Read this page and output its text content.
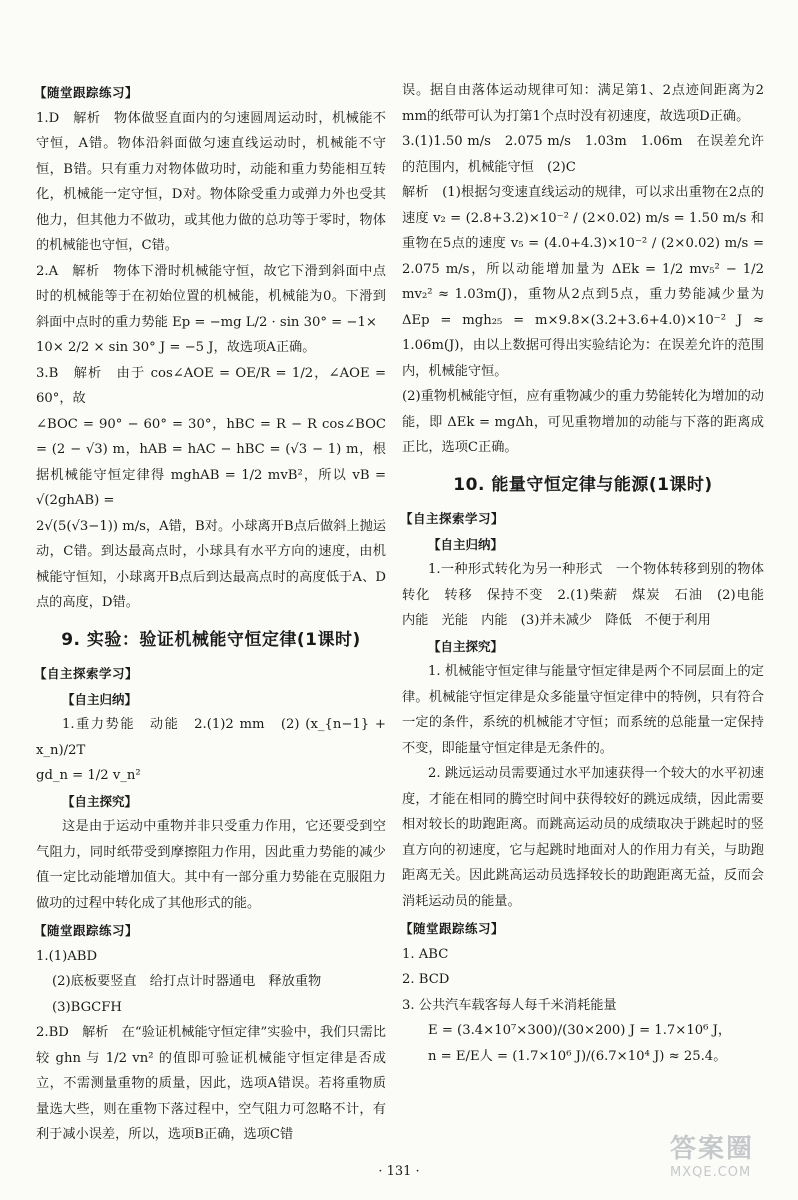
【随堂跟踪练习】
1.D　解析　物体做竖直面内的匀速圆周运动时，机械能不守恒，A错。物体沿斜面做匀速直线运动时，机械能不守恒，B错。只有重力对物体做功时，动能和重力势能相互转化，机械能一定守恒，D对。物体除受重力或弹力外也受其他力，但其他力不做功，或其他力做的总功等于零时，物体的机械能也守恒，C错。
2.A　解析　物体下滑时机械能守恒，故它下滑到斜面中点时的机械能等于在初始位置的机械能，机械能为0。下滑到斜面中点时的重力势能 Ep = −mg L/2 · sin 30° = −1×
10× 2/2 × sin 30° J = −5 J，故选项A正确。
3.B　解析　由于 cos∠AOE = OE/R = 1/2，∠AOE = 60°，故
∠BOC = 90° − 60° = 30°，hBC = R − R cos∠BOC = (2 − √3) m，hAB = hAC − hBC = (√3 − 1) m，根据机械能守恒定律得 mghAB = 1/2 mvB²，所以 vB = √(2ghAB) =
2√(5(√3−1)) m/s，A错，B对。小球离开B点后做斜上抛运动，C错。到达最高点时，小球具有水平方向的速度，由机械能守恒知，小球离开B点后到达最高点时的高度低于A、D点的高度，D错。
9. 实验：验证机械能守恒定律(1课时)
【自主探索学习】
【自主归纳】
1.重力势能　动能　2.(1)2 mm　(2) (x_{n−1} + x_n)/2T
gd_n = 1/2 v_n²
【自主探究】
这是由于运动中重物并非只受重力作用，它还要受到空气阻力，同时纸带受到摩擦阻力作用，因此重力势能的减少值一定比动能增加值大。其中有一部分重力势能在克服阻力做功的过程中转化成了其他形式的能。
【随堂跟踪练习】
1.(1)ABD
(2)底板要竖直　给打点计时器通电　释放重物
(3)BGCFH
2.BD　解析　在“验证机械能守恒定律”实验中，我们只需比较 ghn 与 1/2 vn² 的值即可验证机械能守恒定律是否成立，不需测量重物的质量，因此，选项A错误。若将重物质量选大些，则在重物下落过程中，空气阻力可忽略不计，有利于减小误差，所以，选项B正确，选项C错
误。据自由落体运动规律可知：满足第1、2点迹间距离为2 mm的纸带可认为打第1个点时没有初速度，故选项D正确。
3.(1)1.50 m/s　2.075 m/s　1.03m　1.06m　在误差允许的范围内，机械能守恒　(2)C
解析　(1)根据匀变速直线运动的规律，可以求出重物在2点的速度 v₂ = (2.8+3.2)×10⁻² / (2×0.02) m/s = 1.50 m/s 和重物在5点的速度 v₅ = (4.0+4.3)×10⁻² / (2×0.02) m/s = 2.075 m/s，所以动能增加量为 ΔEk = 1/2 mv₅² − 1/2 mv₂² ≈ 1.03m(J)，重物从2点到5点，重力势能减少量为 ΔEp = mgh₂₅ = m×9.8×(3.2+3.6+4.0)×10⁻² J ≈ 1.06m(J)，由以上数据可得出实验结论为：在误差允许的范围内，机械能守恒。
(2)重物机械能守恒，应有重物减少的重力势能转化为增加的动能，即 ΔEk = mgΔh，可见重物增加的动能与下落的距离成正比，选项C正确。
10. 能量守恒定律与能源(1课时)
【自主探索学习】
【自主归纳】
1.一种形式转化为另一种形式　一个物体转移到别的物体　转化　转移　保持不变　2.(1)柴薪　煤炭　石油　(2)电能　内能　光能　内能　(3)并未减少　降低　不便于利用
【自主探究】
1. 机械能守恒定律与能量守恒定律是两个不同层面上的定律。机械能守恒定律是众多能量守恒定律中的特例，只有符合一定的条件，系统的机械能才守恒；而系统的总能量一定保持不变，即能量守恒定律是无条件的。
2. 跳远运动员需要通过水平加速获得一个较大的水平初速度，才能在相同的腾空时间中获得较好的跳远成绩，因此需要相对较长的助跑距离。而跳高运动员的成绩取决于跳起时的竖直方向的初速度，它与起跳时地面对人的作用力有关，与助跑距离无关。因此跳高运动员选择较长的助跑距离无益，反而会消耗运动员的能量。
【随堂跟踪练习】
1. ABC
2. BCD
3. 公共汽车载客每人每千米消耗能量
E = (3.4×10⁷×300)/(30×200) J = 1.7×10⁶ J，
n = E/E人 = (1.7×10⁶ J)/(6.7×10⁴ J) ≈ 25.4。
· 131 ·
答案圈
MXQE.COM
